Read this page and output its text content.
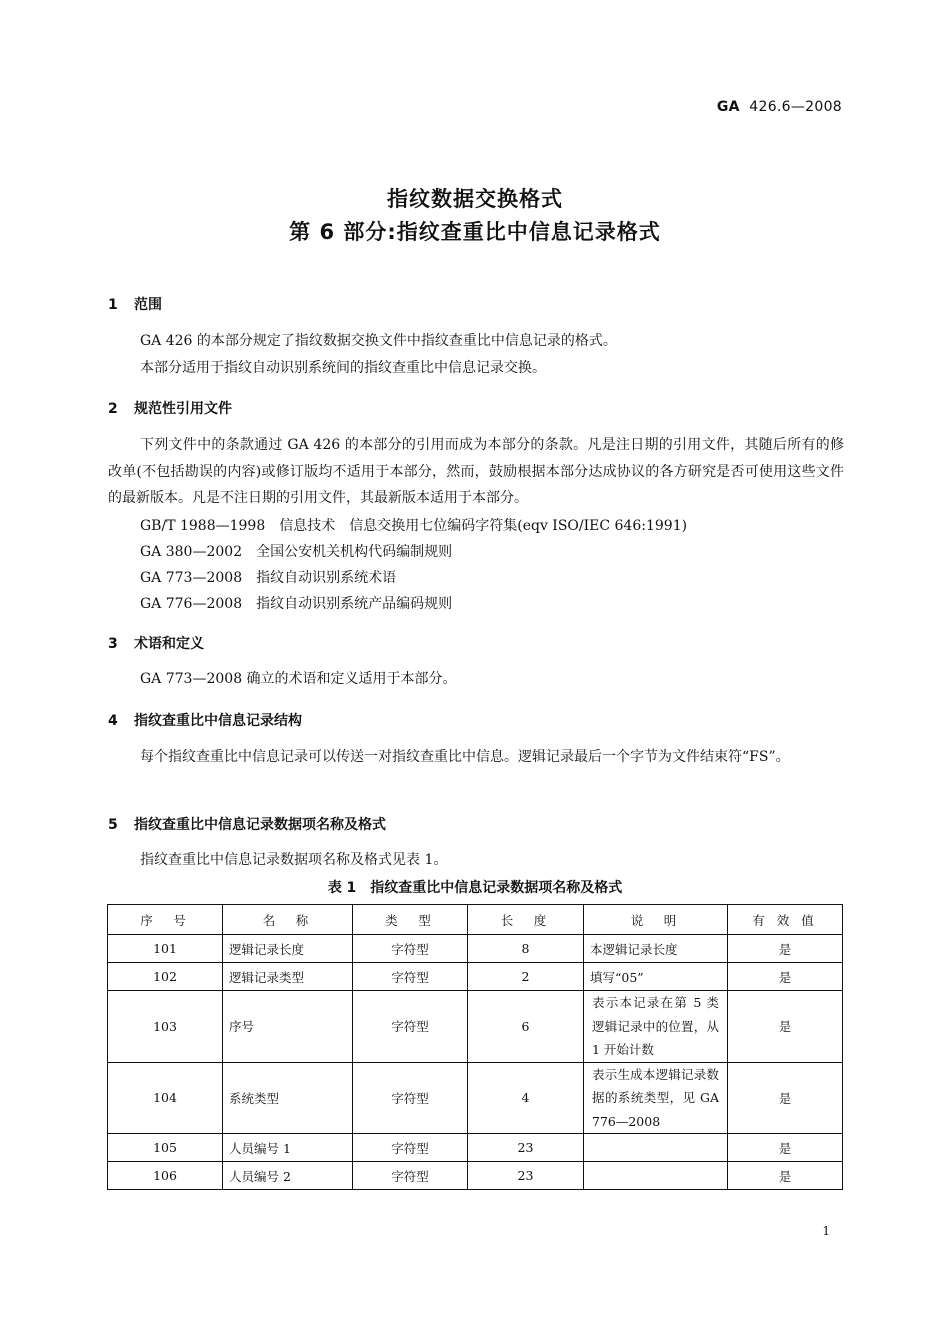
GA 426.6—2008
指纹数据交换格式
第 6 部分:指纹查重比中信息记录格式
1 范围
GA 426 的本部分规定了指纹数据交换文件中指纹查重比中信息记录的格式。
本部分适用于指纹自动识别系统间的指纹查重比中信息记录交换。
2 规范性引用文件
下列文件中的条款通过 GA 426 的本部分的引用而成为本部分的条款。凡是注日期的引用文件，其随后所有的修改单(不包括勘误的内容)或修订版均不适用于本部分，然而，鼓励根据本部分达成协议的各方研究是否可使用这些文件的最新版本。凡是不注日期的引用文件，其最新版本适用于本部分。
GB/T 1988—1998　信息技术　信息交换用七位编码字符集(eqv ISO/IEC 646:1991)
GA 380—2002　全国公安机关机构代码编制规则
GA 773—2008　指纹自动识别系统术语
GA 776—2008　指纹自动识别系统产品编码规则
3 术语和定义
GA 773—2008 确立的术语和定义适用于本部分。
4 指纹查重比中信息记录结构
每个指纹查重比中信息记录可以传送一对指纹查重比中信息。逻辑记录最后一个字节为文件结束符“FS”。
5 指纹查重比中信息记录数据项名称及格式
指纹查重比中信息记录数据项名称及格式见表 1。
表 1　指纹查重比中信息记录数据项名称及格式
序　号	名　称	类　型	长　度	说　明	有 效 值
101	逻辑记录长度	字符型	8	本逻辑记录长度	是
102	逻辑记录类型	字符型	2	填写“05”	是
103	序号	字符型	6	表示本记录在第 5 类逻辑记录中的位置，从 1 开始计数	是
104	系统类型	字符型	4	表示生成本逻辑记录数据的系统类型，见 GA 776—2008	是
105	人员编号 1	字符型	23		是
106	人员编号 2	字符型	23		是
1
